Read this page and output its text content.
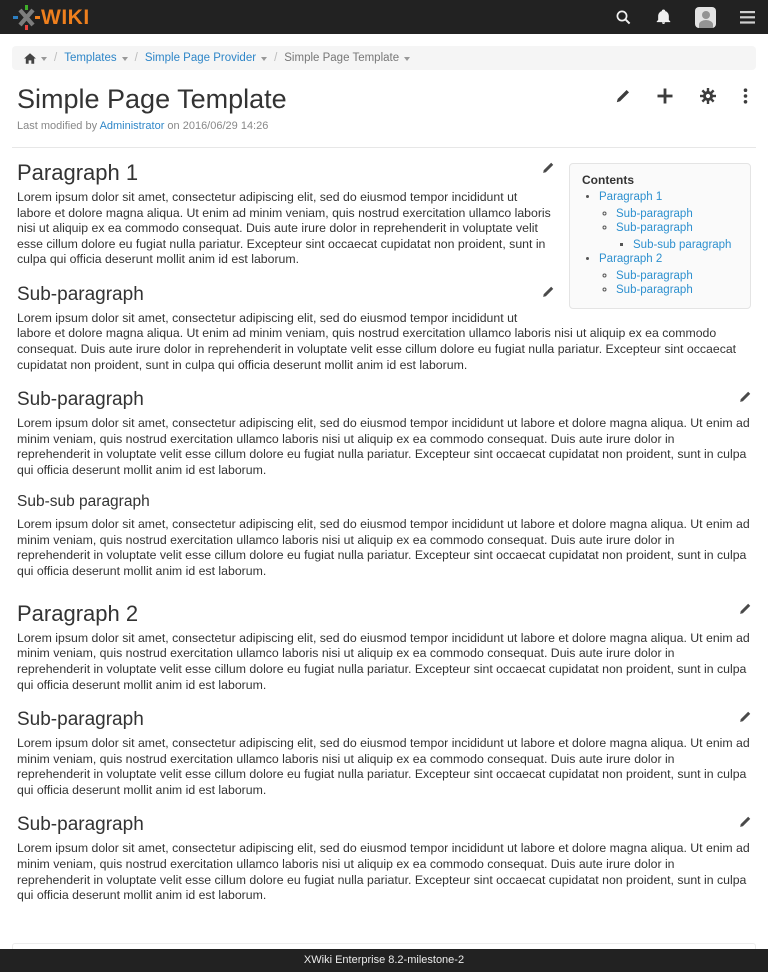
WIKI
/ Templates / Simple Page Provider / Simple Page Template
Simple Page Template

Last modified by Administrator on 2016/06/29 14:26

Contents
• Paragraph 1
◦ Sub-paragraph
◦ Sub-paragraph
▪ Sub-sub paragraph
• Paragraph 2
◦ Sub-paragraph
◦ Sub-paragraph
Paragraph 1

Lorem ipsum dolor sit amet, consectetur adipiscing elit, sed do eiusmod tempor incididunt ut labore et dolore magna aliqua. Ut enim ad minim veniam, quis nostrud exercitation ullamco laboris nisi ut aliquip ex ea commodo consequat. Duis aute irure dolor in reprehenderit in voluptate velit esse cillum dolore eu fugiat nulla pariatur. Excepteur sint occaecat cupidatat non proident, sunt in culpa qui officia deserunt mollit anim id est laborum.

Sub-paragraph

Lorem ipsum dolor sit amet, consectetur adipiscing elit, sed do eiusmod tempor incididunt ut labore et dolore magna aliqua. Ut enim ad minim veniam, quis nostrud exercitation ullamco laboris nisi ut aliquip ex ea commodo consequat. Duis aute irure dolor in reprehenderit in voluptate velit esse cillum dolore eu fugiat nulla pariatur. Excepteur sint occaecat cupidatat non proident, sunt in culpa qui officia deserunt mollit anim id est laborum.

Sub-paragraph

Lorem ipsum dolor sit amet, consectetur adipiscing elit, sed do eiusmod tempor incididunt ut labore et dolore magna aliqua. Ut enim ad minim veniam, quis nostrud exercitation ullamco laboris nisi ut aliquip ex ea commodo consequat. Duis aute irure dolor in reprehenderit in voluptate velit esse cillum dolore eu fugiat nulla pariatur. Excepteur sint occaecat cupidatat non proident, sunt in culpa qui officia deserunt mollit anim id est laborum.

Sub-sub paragraph

Lorem ipsum dolor sit amet, consectetur adipiscing elit, sed do eiusmod tempor incididunt ut labore et dolore magna aliqua. Ut enim ad minim veniam, quis nostrud exercitation ullamco laboris nisi ut aliquip ex ea commodo consequat. Duis aute irure dolor in reprehenderit in voluptate velit esse cillum dolore eu fugiat nulla pariatur. Excepteur sint occaecat cupidatat non proident, sunt in culpa qui officia deserunt mollit anim id est laborum.

Paragraph 2

Lorem ipsum dolor sit amet, consectetur adipiscing elit, sed do eiusmod tempor incididunt ut labore et dolore magna aliqua. Ut enim ad minim veniam, quis nostrud exercitation ullamco laboris nisi ut aliquip ex ea commodo consequat. Duis aute irure dolor in reprehenderit in voluptate velit esse cillum dolore eu fugiat nulla pariatur. Excepteur sint occaecat cupidatat non proident, sunt in culpa qui officia deserunt mollit anim id est laborum.

Sub-paragraph

Lorem ipsum dolor sit amet, consectetur adipiscing elit, sed do eiusmod tempor incididunt ut labore et dolore magna aliqua. Ut enim ad minim veniam, quis nostrud exercitation ullamco laboris nisi ut aliquip ex ea commodo consequat. Duis aute irure dolor in reprehenderit in voluptate velit esse cillum dolore eu fugiat nulla pariatur. Excepteur sint occaecat cupidatat non proident, sunt in culpa qui officia deserunt mollit anim id est laborum.

Sub-paragraph

Lorem ipsum dolor sit amet, consectetur adipiscing elit, sed do eiusmod tempor incididunt ut labore et dolore magna aliqua. Ut enim ad minim veniam, quis nostrud exercitation ullamco laboris nisi ut aliquip ex ea commodo consequat. Duis aute irure dolor in reprehenderit in voluptate velit esse cillum dolore eu fugiat nulla pariatur. Excepteur sint occaecat cupidatat non proident, sunt in culpa qui officia deserunt mollit anim id est laborum.

XWiki Enterprise 8.2-milestone-2
